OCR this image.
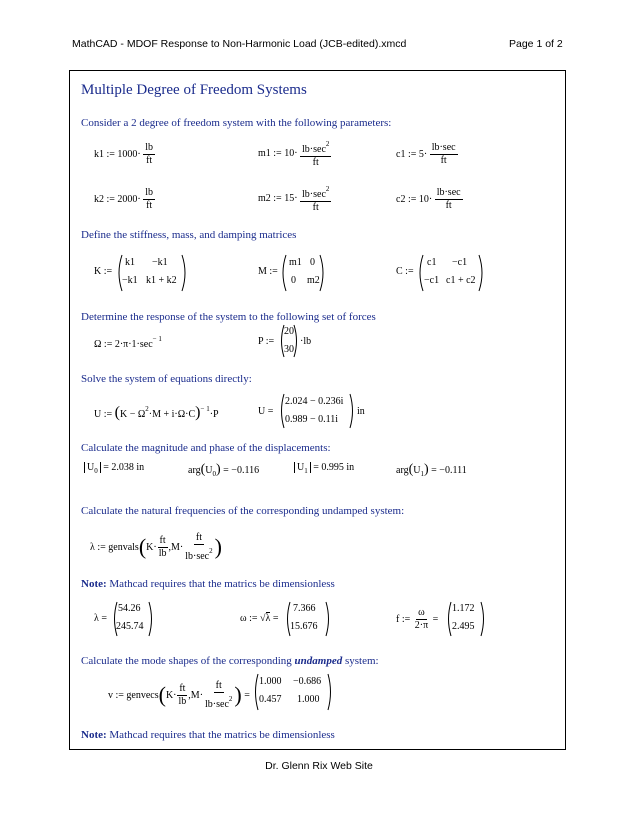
MathCAD - MDOF Response to Non-Harmonic Load (JCB-edited).xmcd	Page 1 of 2
Dr. Glenn Rix Web Site
Multiple Degree of Freedom Systems
Consider a 2 degree of freedom system with the following parameters:
k1 := $1000\cdot \frac{lb}{ft}$	m1 := $10\cdot \frac{lb\cdot\sec^2}{ft}$	c1 := $5\cdot \frac{lb\cdot\sec}{ft}$
k2 := $2000\cdot \frac{lb}{ft}$	m2 := $15\cdot \frac{lb\cdot\sec^2}{ft}$	c2 := $10\cdot \frac{lb\cdot\sec}{ft}$
Define the stiffness, mass, and damping matrices
K :=
k1 −k1
−k1 k1 + k2
M :=
m1 0
0 m2
C :=
c1 −c1
−c1 c1 + c2
Determine the response of the system to the following set of forces
Ω := $2\cdot\pi\cdot 1\cdot\sec^{- 1}$	P :=
20
30
·lb
Solve the system of equations directly:
U := $(K - \Omega^2\cdot M + i\cdot\Omega\cdot C)^{- 1}\cdot P$	U =
2.024 − 0.236i
0.989 − 0.11i
in
Calculate the magnitude and phase of the displacements:
$U_0 = 2.038$ in	$arg(U_0) = -0.116$	$U_1 = 0.995$ in	$arg(U_1) = -0.111$
Calculate the natural frequencies of the corresponding undamped system:
λ := genvals(K· $\frac{ft}{lb} ,M\cdot \frac{ft}{lb\cdot\sec^2}$ )
Note: Mathcad requires that the matrics be dimensionless
λ =
54.26
245.74
ω := √λ =
7.366
15.676
f := $\frac{\omega}{2\cdot\pi}$ =
1.172
2.495
Calculate the mode shapes of the corresponding undamped system:
v := genvecs(K· $\frac{ft}{lb} ,M\cdot \frac{ft}{lb\cdot\sec^2}$ ) =
1.000 −0.686
0.457 1.000
Note: Mathcad requires that the matrics be dimensionless
